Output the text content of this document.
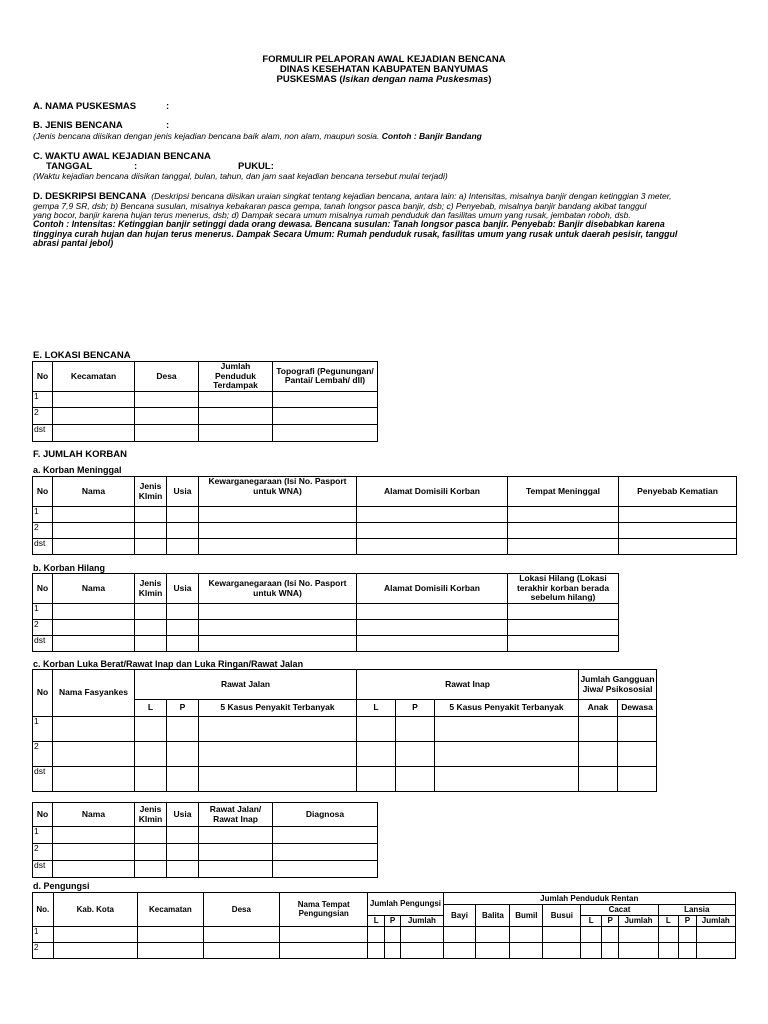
FORMULIR PELAPORAN AWAL KEJADIAN BENCANA
DINAS KESEHATAN KABUPATEN BANYUMAS
PUSKESMAS (Isikan dengan nama Puskesmas)
A. NAMA PUSKESMAS	:
B. JENIS BENCANA	:
(Jenis bencana diisikan dengan jenis kejadian bencana baik alam, non alam, maupun sosia. Contoh : Banjir Bandang
C. WAKTU AWAL KEJADIAN BENCANA
TANGGAL	:	PUKUL:
(Waktu kejadian bencana diisikan tanggal, bulan, tahun, dan jam saat kejadian bencana tersebut mulai terjadi)
D. DESKRIPSI BENCANA (Deskripsi bencana diisikan uraian singkat tentang kejadian bencana, antara lain: a) Intensitas, misalnya banjir dengan ketinggian 3 meter,
gempa 7,9 SR, dsb; b) Bencana susulan, misalnya kebakaran pasca gempa, tanah longsor pasca banjir, dsb; c) Penyebab, misalnya banjir bandang akibat tanggul
yang bocor, banjir karena hujan terus menerus, dsb; d) Dampak secara umum misalnya rumah penduduk dan fasilitas umum yang rusak, jembatan roboh, dsb.
Contoh : Intensitas: Ketinggian banjir setinggi dada orang dewasa. Bencana susulan: Tanah longsor pasca banjir. Penyebab: Banjir disebabkan karena
tingginya curah hujan dan hujan terus menerus. Dampak Secara Umum: Rumah penduduk rusak, fasilitas umum yang rusak untuk daerah pesisir, tanggul
abrasi pantai jebol)
E. LOKASI BENCANA
No	Kecamatan	Desa	Jumlah Penduduk Terdampak	Topografi (Pegunungan/ Pantai/ Lembah/ dll)
1				
2				
dst				
F. JUMLAH KORBAN
a. Korban Meninggal
No	Nama	Jenis Klmin	Usia	Kewarganegaraan (Isi No. Pasport untuk WNA)	Alamat Domisili Korban	Tempat Meninggal	Penyebab Kematian
1							
2							
dst							
b. Korban Hilang
No	Nama	Jenis Klmin	Usia	Kewarganegaraan (Isi No. Pasport untuk WNA)	Alamat Domisili Korban	Lokasi Hilang (Lokasi terakhir korban berada sebelum hilang)
1						
2						
dst						
c. Korban Luka Berat/Rawat Inap dan Luka Ringan/Rawat Jalan
No	Nama Fasyankes	Rawat Jalan			Rawat Inap			Jumlah Gangguan Jiwa/ Psikososial	
		L	P	5 Kasus Penyakit Terbanyak	L	P	5 Kasus Penyakit Terbanyak	Anak	Dewasa
1									
2									
dst									
No	Nama	Jenis Klmin	Usia	Rawat Jalan/ Rawat Inap	Diagnosa
1					
2					
dst					
d. Pengungsi
No.	Kab. Kota	Kecamatan	Desa	Nama Tempat Pengungsian	Jumlah Pengungsi			Jumlah Penduduk Rentan									
								Bayi	Balita	Bumil	Busui	Cacat			Lansia		
					L	P	Jumlah					L	P	Jumlah	L	P	Jumlah
1																	
2																	
